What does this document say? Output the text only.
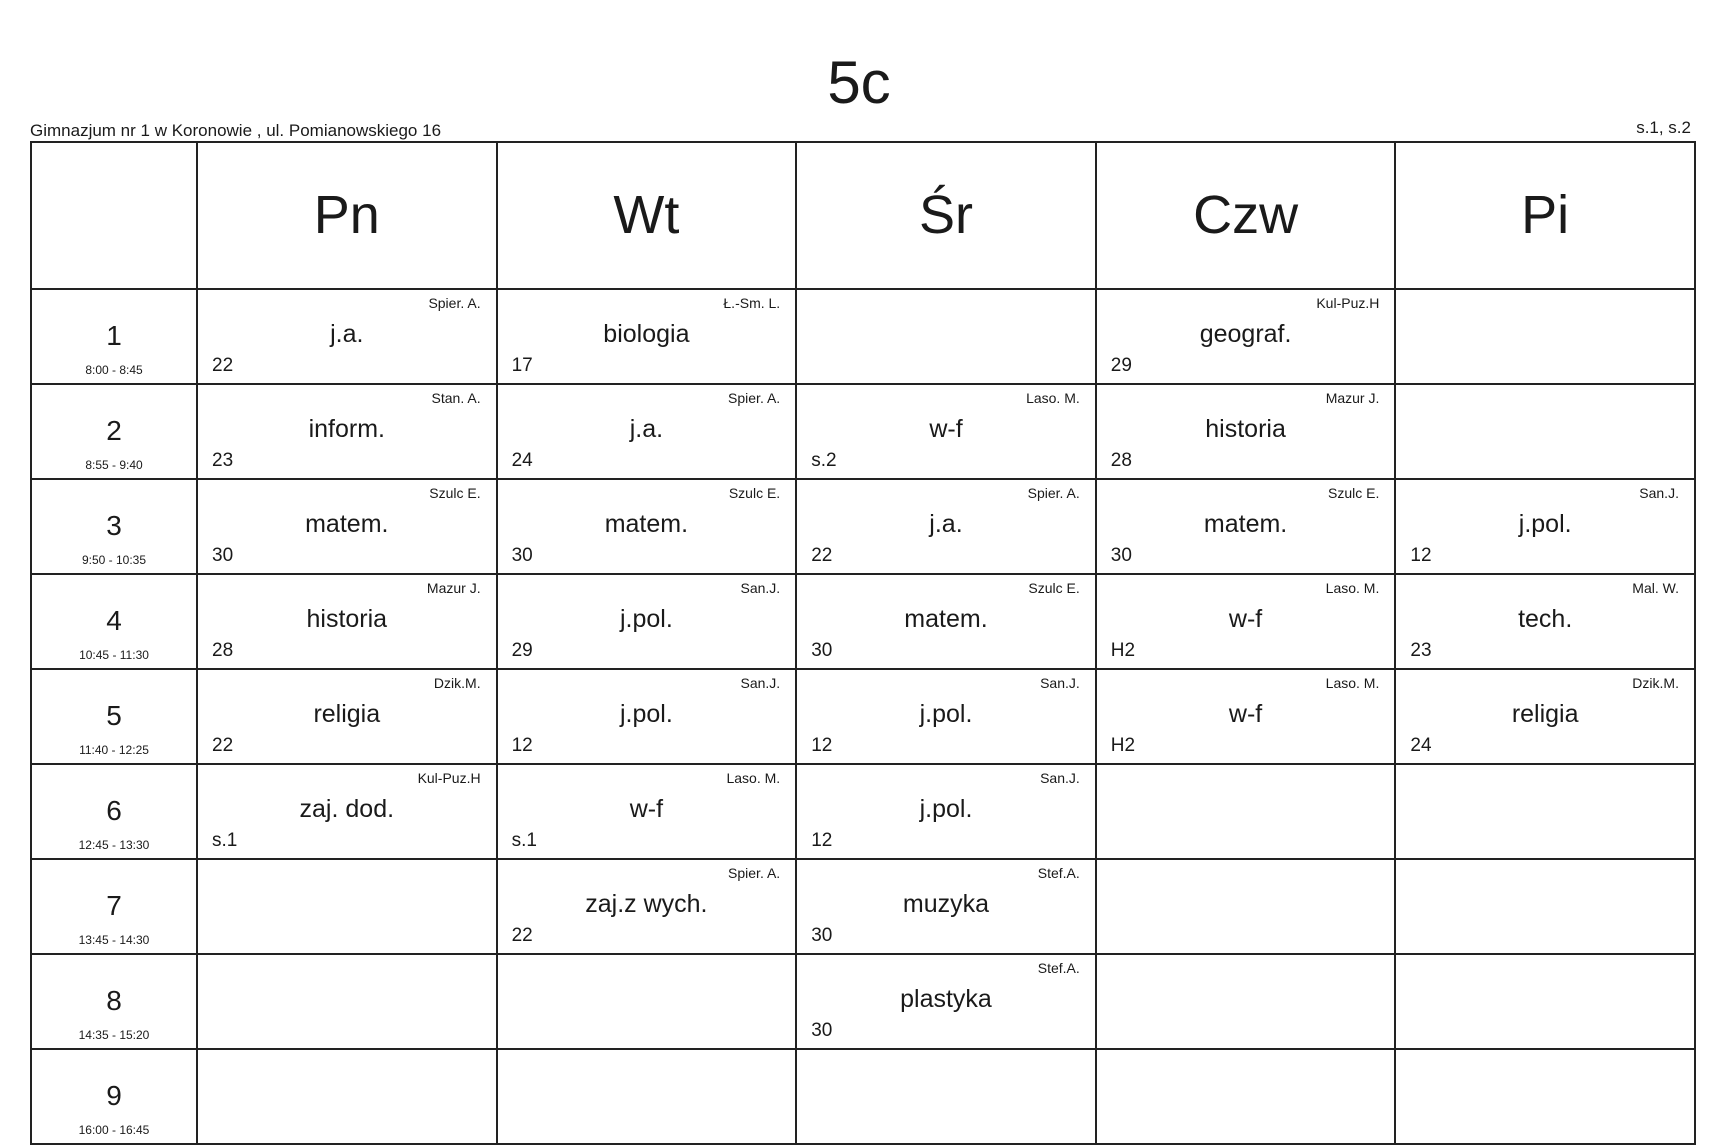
5c
Gimnazjum nr 1 w Koronowie , ul. Pomianowskiego 16	s.1, s.2

	Pn	Wt	Śr	Czw	Pi

1
8:00 - 8:45	Spier. A.
j.a.
22	Ł.-Sm. L.
biologia
17		Kul-Puz.H
geograf.
29	

2
8:55 - 9:40	Stan. A.
inform.
23	Spier. A.
j.a.
24	Laso. M.
w-f
s.2	Mazur J.
historia
28	

3
9:50 - 10:35	Szulc E.
matem.
30	Szulc E.
matem.
30	Spier. A.
j.a.
22	Szulc E.
matem.
30	San.J.
j.pol.
12

4
10:45 - 11:30	Mazur J.
historia
28	San.J.
j.pol.
29	Szulc E.
matem.
30	Laso. M.
w-f
H2	Mal. W.
tech.
23

5
11:40 - 12:25	Dzik.M.
religia
22	San.J.
j.pol.
12	San.J.
j.pol.
12	Laso. M.
w-f
H2	Dzik.M.
religia
24

6
12:45 - 13:30	Kul-Puz.H
zaj. dod.
s.1	Laso. M.
w-f
s.1	San.J.
j.pol.
12		

7
13:45 - 14:30		Spier. A.
zaj.z wych.
22	Stef.A.
muzyka
30		

8
14:35 - 15:20			Stef.A.
plastyka
30		

9
16:00 - 16:45					
